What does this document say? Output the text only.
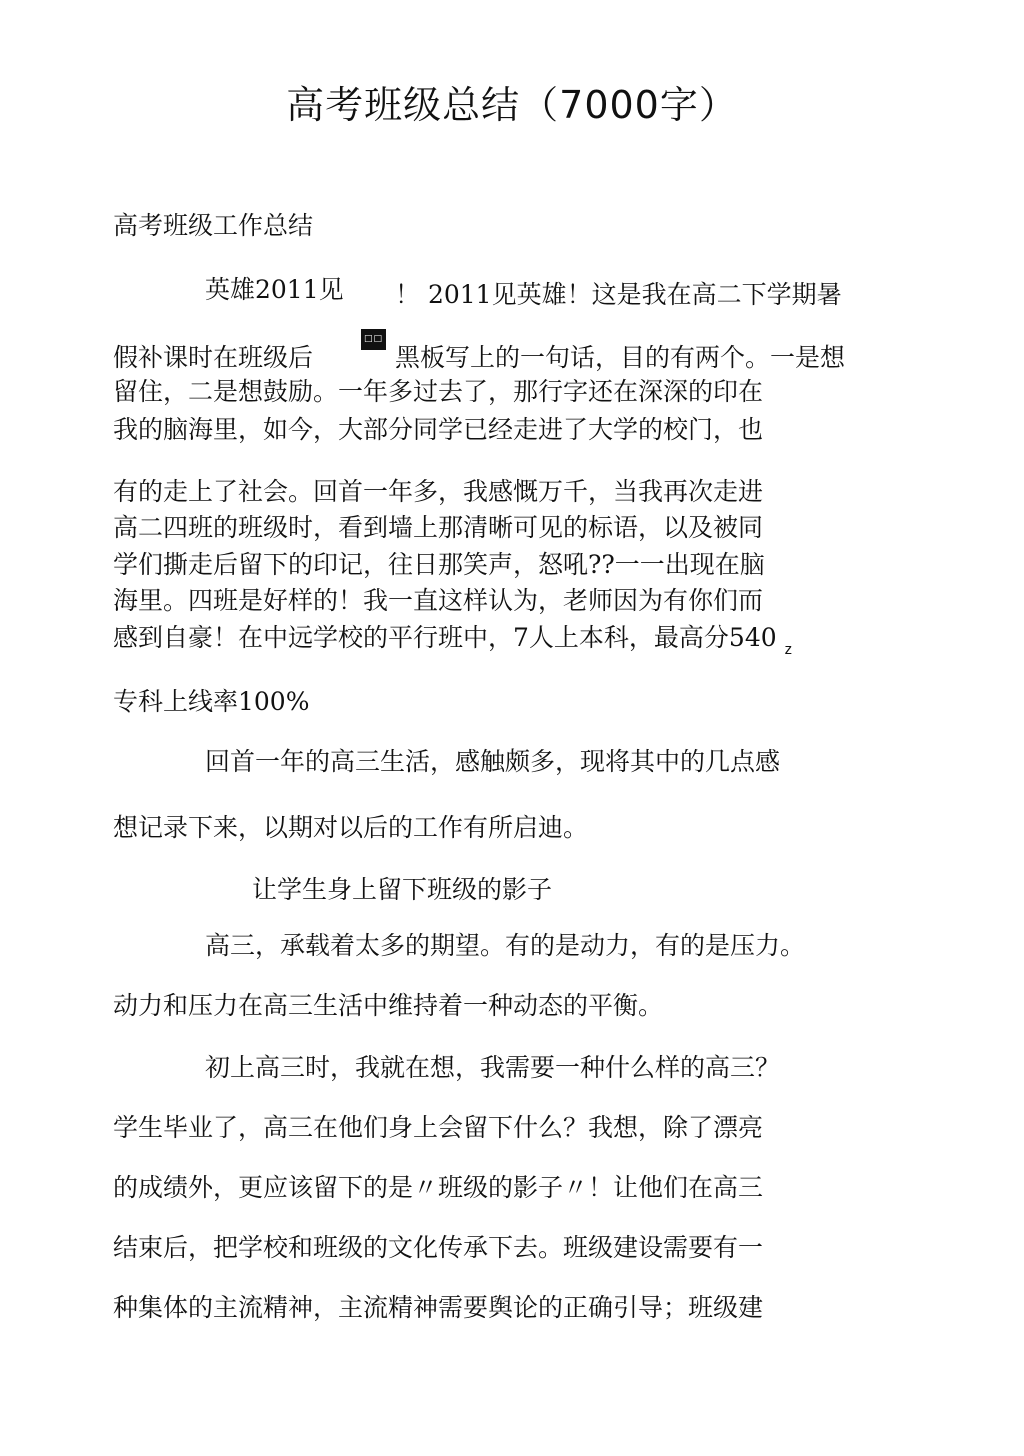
高考班级总结（7000字）
高考班级工作总结
英雄2011见 ！ 2011见英雄！这是我在高二下学期暑
假补课时在班级后
□□
黑板写上的一句话，目的有两个。一是想
留住，二是想鼓励。一年多过去了，那行字还在深深的印在
我的脑海里，如今，大部分同学已经走进了大学的校门，也
有的走上了社会。回首一年多，我感慨万千，当我再次走进
高二四班的班级时，看到墙上那清晰可见的标语，以及被同
学们撕走后留下的印记，往日那笑声，怒吼??一一出现在脑
海里。四班是好样的！我一直这样认为，老师因为有你们而
感到自豪！在中远学校的平行班中，7人上本科，最高分540 $_z$
专科上线率100%
回首一年的高三生活，感触颇多，现将其中的几点感
想记录下来，以期对以后的工作有所启迪。
让学生身上留下班级的影子
高三，承载着太多的期望。有的是动力，有的是压力。
动力和压力在高三生活中维持着一种动态的平衡。
初上高三时，我就在想，我需要一种什么样的高三？
学生毕业了，高三在他们身上会留下什么？我想，除了漂亮
的成绩外，更应该留下的是〃班级的影子〃！让他们在高三
结束后，把学校和班级的文化传承下去。班级建设需要有一
种集体的主流精神，主流精神需要舆论的正确引导；班级建
